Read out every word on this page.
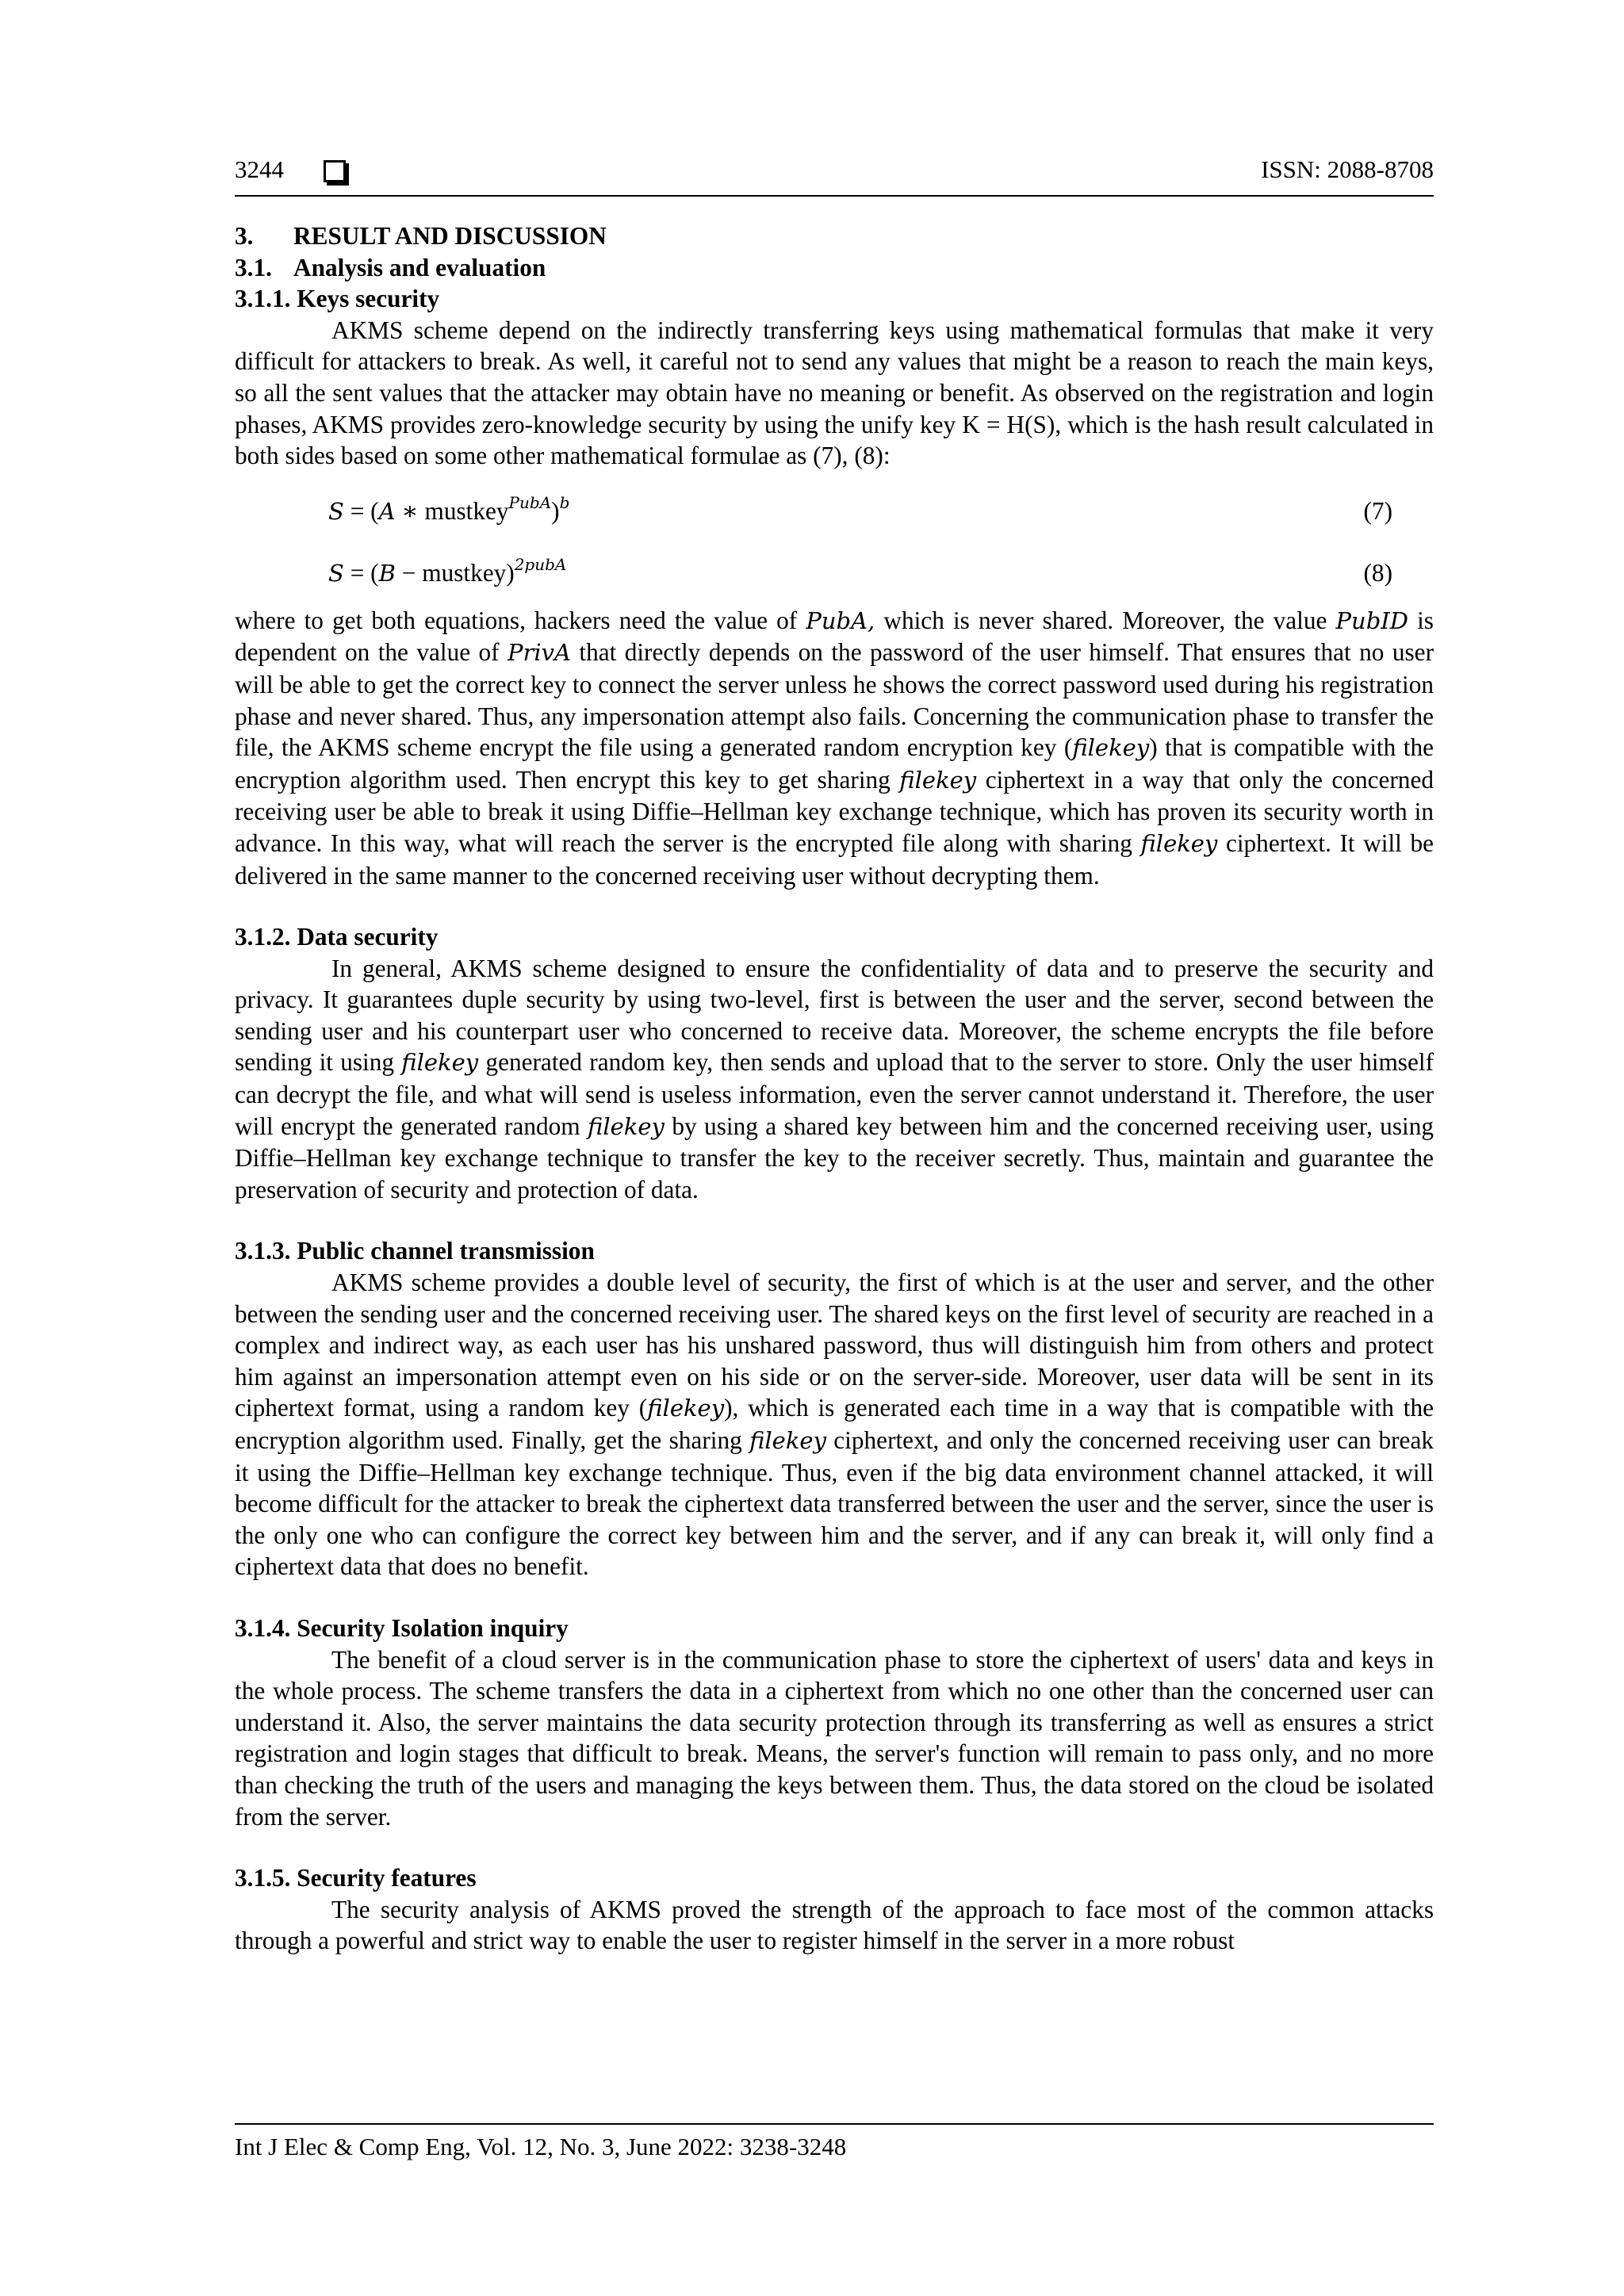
3244	ISSN: 2088-8708
3.	RESULT AND DISCUSSION
3.1. Analysis and evaluation
3.1.1. Keys security

AKMS scheme depend on the indirectly transferring keys using mathematical formulas that make it very difficult for attackers to break. As well, it careful not to send any values that might be a reason to reach the main keys, so all the sent values that the attacker may obtain have no meaning or benefit. As observed on the registration and login phases, AKMS provides zero-knowledge security by using the unify key K = H(S), which is the hash result calculated in both sides based on some other mathematical formulae as (7), (8):

S = (A ∗ mustkey$^{PubA}$)$^b$	(7)
S = (B − mustkey)$^{2pubA}$	(8)

where to get both equations, hackers need the value of PubA, which is never shared. Moreover, the value PubID is dependent on the value of PrivA that directly depends on the password of the user himself. That ensures that no user will be able to get the correct key to connect the server unless he shows the correct password used during his registration phase and never shared. Thus, any impersonation attempt also fails. Concerning the communication phase to transfer the file, the AKMS scheme encrypt the file using a generated random encryption key (filekey) that is compatible with the encryption algorithm used. Then encrypt this key to get sharing filekey ciphertext in a way that only the concerned receiving user be able to break it using Diffie–Hellman key exchange technique, which has proven its security worth in advance. In this way, what will reach the server is the encrypted file along with sharing filekey ciphertext. It will be delivered in the same manner to the concerned receiving user without decrypting them.

3.1.2. Data security

In general, AKMS scheme designed to ensure the confidentiality of data and to preserve the security and privacy. It guarantees duple security by using two-level, first is between the user and the server, second between the sending user and his counterpart user who concerned to receive data. Moreover, the scheme encrypts the file before sending it using filekey generated random key, then sends and upload that to the server to store. Only the user himself can decrypt the file, and what will send is useless information, even the server cannot understand it. Therefore, the user will encrypt the generated random filekey by using a shared key between him and the concerned receiving user, using Diffie–Hellman key exchange technique to transfer the key to the receiver secretly. Thus, maintain and guarantee the preservation of security and protection of data.

3.1.3. Public channel transmission

AKMS scheme provides a double level of security, the first of which is at the user and server, and the other between the sending user and the concerned receiving user. The shared keys on the first level of security are reached in a complex and indirect way, as each user has his unshared password, thus will distinguish him from others and protect him against an impersonation attempt even on his side or on the server-side. Moreover, user data will be sent in its ciphertext format, using a random key (filekey), which is generated each time in a way that is compatible with the encryption algorithm used. Finally, get the sharing filekey ciphertext, and only the concerned receiving user can break it using the Diffie–Hellman key exchange technique. Thus, even if the big data environment channel attacked, it will become difficult for the attacker to break the ciphertext data transferred between the user and the server, since the user is the only one who can configure the correct key between him and the server, and if any can break it, will only find a ciphertext data that does no benefit.

3.1.4. Security Isolation inquiry

The benefit of a cloud server is in the communication phase to store the ciphertext of users' data and keys in the whole process. The scheme transfers the data in a ciphertext from which no one other than the concerned user can understand it. Also, the server maintains the data security protection through its transferring as well as ensures a strict registration and login stages that difficult to break. Means, the server's function will remain to pass only, and no more than checking the truth of the users and managing the keys between them. Thus, the data stored on the cloud be isolated from the server.

3.1.5. Security features

The security analysis of AKMS proved the strength of the approach to face most of the common attacks through a powerful and strict way to enable the user to register himself in the server in a more robust

Int J Elec & Comp Eng, Vol. 12, No. 3, June 2022: 3238-3248
